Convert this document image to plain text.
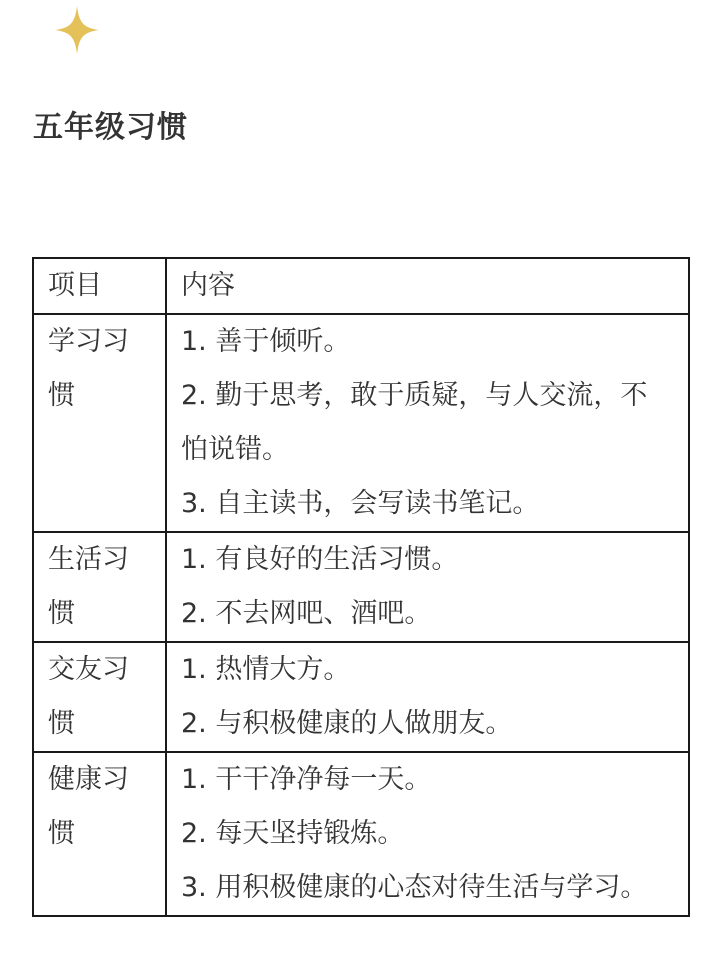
五年级习惯
项目	内容

学习习惯	1. 善于倾听。
2. 勤于思考，敢于质疑，与人交流，不怕说错。
3. 自主读书，会写读书笔记。

生活习惯	1. 有良好的生活习惯。
2. 不去网吧、酒吧。

交友习惯	1. 热情大方。
2. 与积极健康的人做朋友。

健康习惯	1. 干干净净每一天。
2. 每天坚持锻炼。
3. 用积极健康的心态对待生活与学习。
